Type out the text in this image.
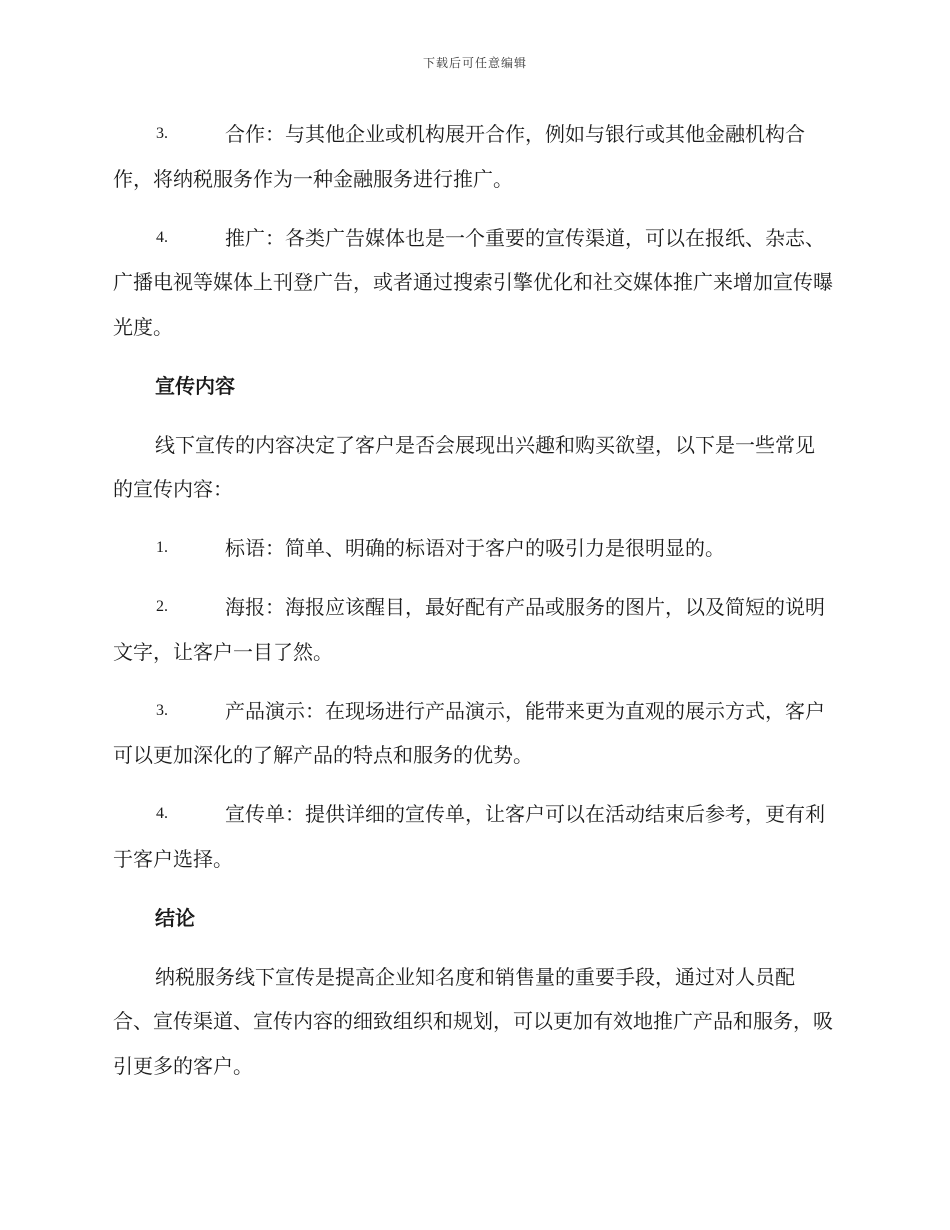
下载后可任意编辑
3.	合作：与其他企业或机构展开合作，例如与银行或其他金融机构合作，将纳税服务作为一种金融服务进行推广。
4.	推广：各类广告媒体也是一个重要的宣传渠道，可以在报纸、杂志、广播电视等媒体上刊登广告，或者通过搜索引擎优化和社交媒体推广来增加宣传曝光度。
宣传内容
线下宣传的内容决定了客户是否会展现出兴趣和购买欲望，以下是一些常见的宣传内容：
1.	标语：简单、明确的标语对于客户的吸引力是很明显的。
2.	海报：海报应该醒目，最好配有产品或服务的图片，以及简短的说明文字，让客户一目了然。
3.	产品演示：在现场进行产品演示，能带来更为直观的展示方式，客户可以更加深化的了解产品的特点和服务的优势。
4.	宣传单：提供详细的宣传单，让客户可以在活动结束后参考，更有利于客户选择。
结论
纳税服务线下宣传是提高企业知名度和销售量的重要手段，通过对人员配合、宣传渠道、宣传内容的细致组织和规划，可以更加有效地推广产品和服务，吸引更多的客户。
